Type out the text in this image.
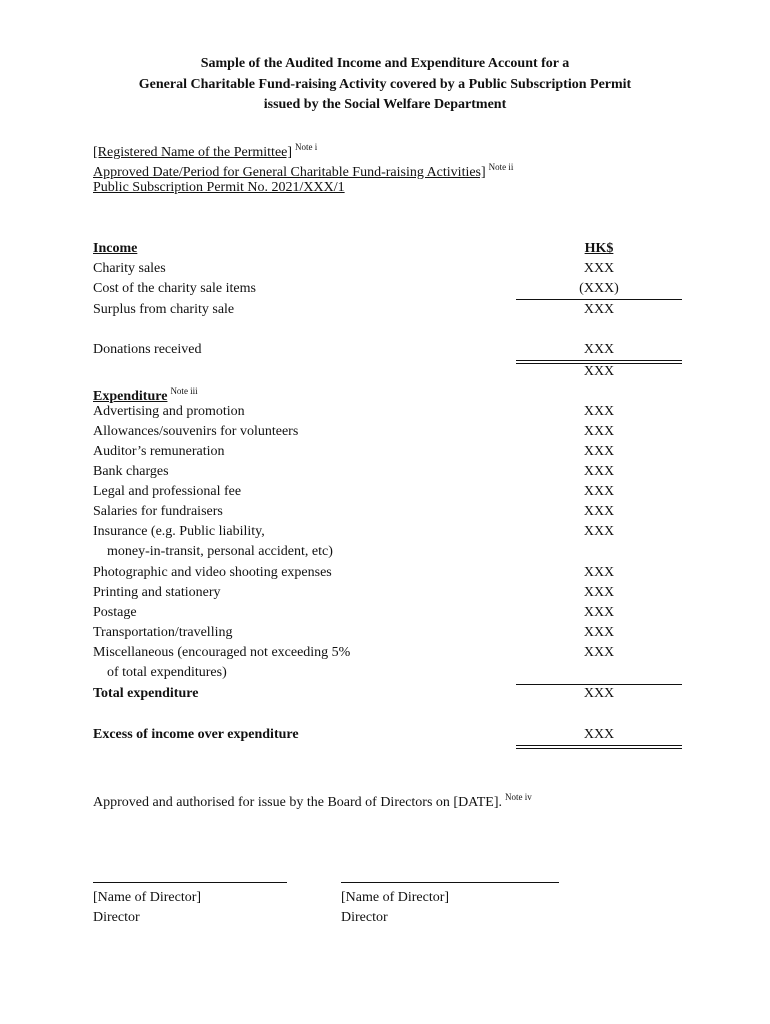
Sample of the Audited Income and Expenditure Account for a
General Charitable Fund-raising Activity covered by a Public Subscription Permit
issued by the Social Welfare Department
[Registered Name of the Permittee] $^{Note i}$
Approved Date/Period for General Charitable Fund-raising Activities] $^{Note ii}$
Public Subscription Permit No. 2021/XXX/1
Income	HK$
Charity sales	XXX
Cost of the charity sale items	(XXX)
Surplus from charity sale	XXX
Donations received	XXX
XXX
Expenditure $^{Note iii}$
Advertising and promotion	XXX
Allowances/souvenirs for volunteers	XXX
Auditor’s remuneration	XXX
Bank charges	XXX
Legal and professional fee	XXX
Salaries for fundraisers	XXX
Insurance (e.g. Public liability,	XXX
money-in-transit, personal accident, etc)
Photographic and video shooting expenses	XXX
Printing and stationery	XXX
Postage	XXX
Transportation/travelling	XXX
Miscellaneous (encouraged not exceeding 5%	XXX
of total expenditures)
Total expenditure	XXX
Excess of income over expenditure	XXX
Approved and authorised for issue by the Board of Directors on [DATE]. $^{Note iv}$
[Name of Director]
Director
[Name of Director]
Director
